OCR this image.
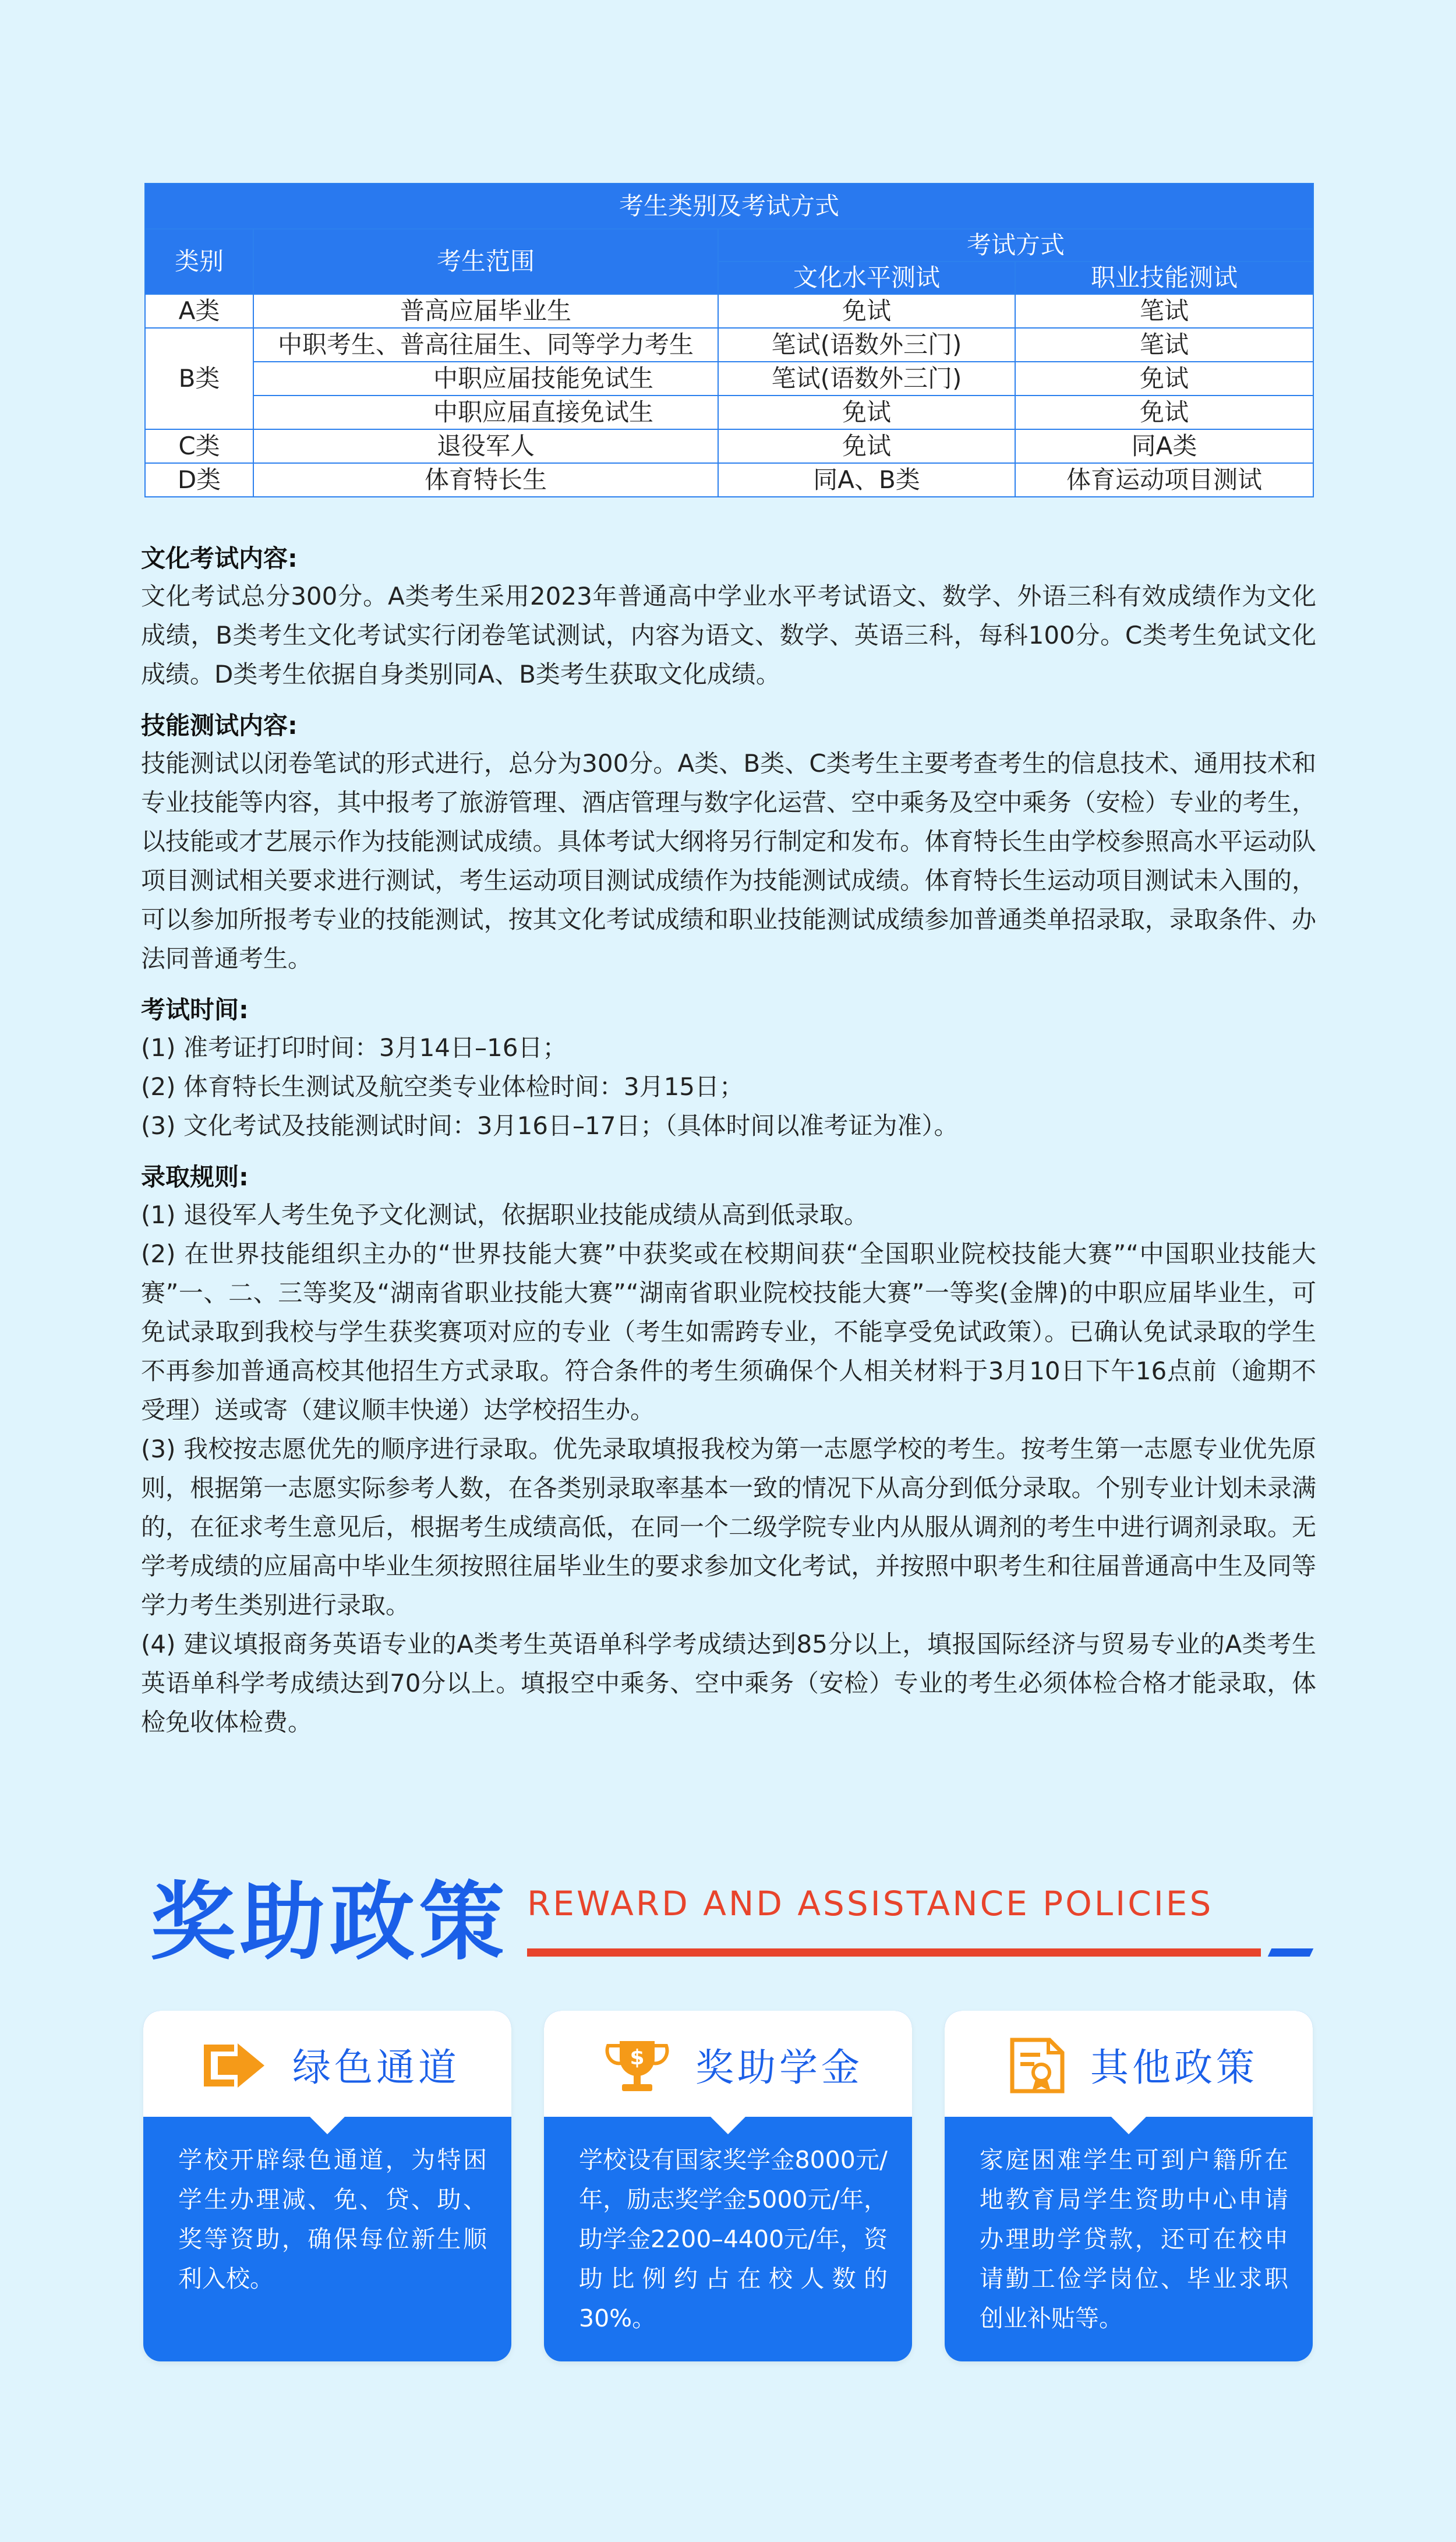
考生类别及考试方式			
类别	考生范围	考试方式	
		文化水平测试	职业技能测试
A类	普高应届毕业生	免试	笔试
B类	中职考生、普高往届生、同等学力考生	笔试(语数外三门)	笔试
	中职应届技能免试生	笔试(语数外三门)	免试
	中职应届直接免试生	免试	免试
C类	退役军人	免试	同A类
D类	体育特长生	同A、B类	体育运动项目测试
文化考试内容:

文化考试总分300分。A类考生采用2023年普通高中学业水平考试语文、数学、外语三科有效成绩作为文化成绩，B类考生文化考试实行闭卷笔试测试，内容为语文、数学、英语三科，每科100分。C类考生免试文化成绩。D类考生依据自身类别同A、B类考生获取文化成绩。

技能测试内容:

技能测试以闭卷笔试的形式进行，总分为300分。A类、B类、C类考生主要考查考生的信息技术、通用技术和专业技能等内容，其中报考了旅游管理、酒店管理与数字化运营、空中乘务及空中乘务（安检）专业的考生，以技能或才艺展示作为技能测试成绩。具体考试大纲将另行制定和发布。体育特长生由学校参照高水平运动队项目测试相关要求进行测试，考生运动项目测试成绩作为技能测试成绩。体育特长生运动项目测试未入围的，可以参加所报考专业的技能测试，按其文化考试成绩和职业技能测试成绩参加普通类单招录取，录取条件、办法同普通考生。

考试时间:

(1) 准考证打印时间：3月14日–16日；

(2) 体育特长生测试及航空类专业体检时间：3月15日；

(3) 文化考试及技能测试时间：3月16日–17日；（具体时间以准考证为准）。

录取规则:

(1) 退役军人考生免予文化测试，依据职业技能成绩从高到低录取。

(2) 在世界技能组织主办的“世界技能大赛”中获奖或在校期间获“全国职业院校技能大赛”“中国职业技能大赛”一、二、三等奖及“湖南省职业技能大赛”“湖南省职业院校技能大赛”一等奖(金牌)的中职应届毕业生，可免试录取到我校与学生获奖赛项对应的专业（考生如需跨专业，不能享受免试政策）。已确认免试录取的学生不再参加普通高校其他招生方式录取。符合条件的考生须确保个人相关材料于3月10日下午16点前（逾期不受理）送或寄（建议顺丰快递）达学校招生办。

(3) 我校按志愿优先的顺序进行录取。优先录取填报我校为第一志愿学校的考生。按考生第一志愿专业优先原则，根据第一志愿实际参考人数，在各类别录取率基本一致的情况下从高分到低分录取。个别专业计划未录满的，在征求考生意见后，根据考生成绩高低，在同一个二级学院专业内从服从调剂的考生中进行调剂录取。无学考成绩的应届高中毕业生须按照往届毕业生的要求参加文化考试，并按照中职考生和往届普通高中生及同等学力考生类别进行录取。

(4) 建议填报商务英语专业的A类考生英语单科学考成绩达到85分以上，填报国际经济与贸易专业的A类考生英语单科学考成绩达到70分以上。填报空中乘务、空中乘务（安检）专业的考生必须体检合格才能录取，体检免收体检费。

奖助政策 REWARD AND ASSISTANCE POLICIES
绿色通道
学校开辟绿色通道，为特困学生办理减、免、贷、助、奖等资助，确保每位新生顺利入校。
$ 奖助学金
学校设有国家奖学金8000元/年，励志奖学金5000元/年，助学金2200–4400元/年，资助比例约占在校人数的30%。
其他政策
家庭困难学生可到户籍所在地教育局学生资助中心申请办理助学贷款，还可在校申请勤工俭学岗位、毕业求职创业补贴等。
